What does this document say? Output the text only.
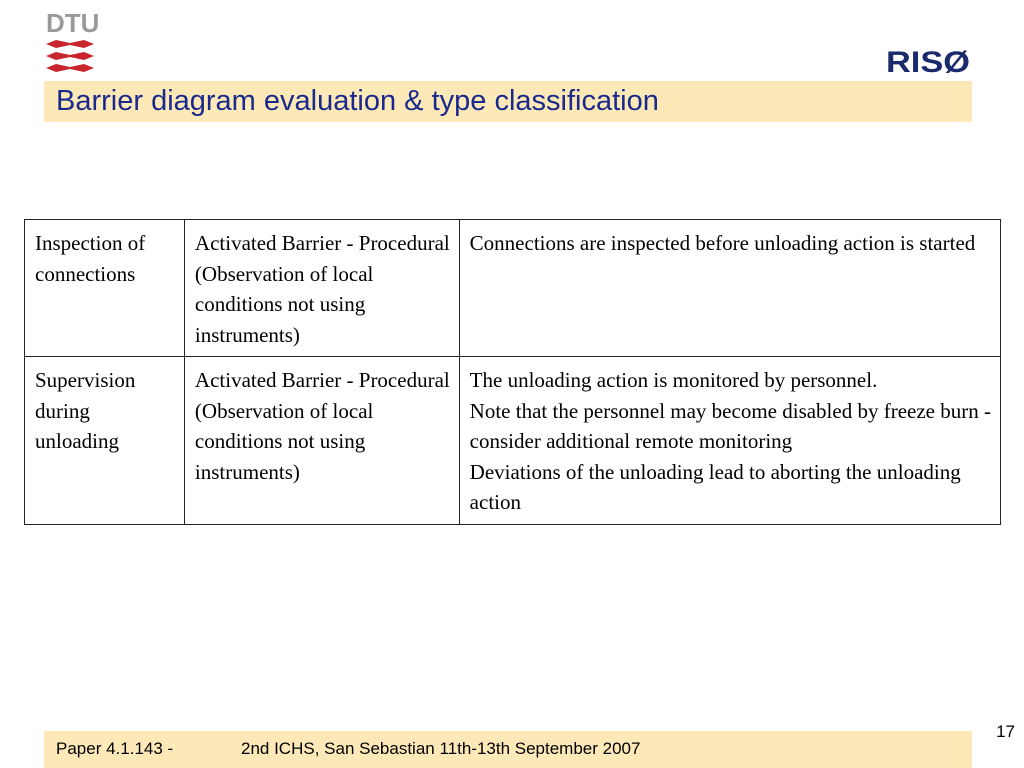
DTU
RISØ
Barrier diagram evaluation & type classification
Inspection of connections	Activated Barrier - Procedural (Observation of local conditions not using instruments)	Connections are inspected before unloading action is started

Supervision during unloading	Activated Barrier - Procedural (Observation of local conditions not using instruments)	The unloading action is monitored by personnel.
Note that the personnel may become disabled by freeze burn - consider additional remote monitoring
Deviations of the unloading lead to aborting the unloading action
17
Paper 4.1.143 -	2nd ICHS, San Sebastian 11th-13th September 2007
